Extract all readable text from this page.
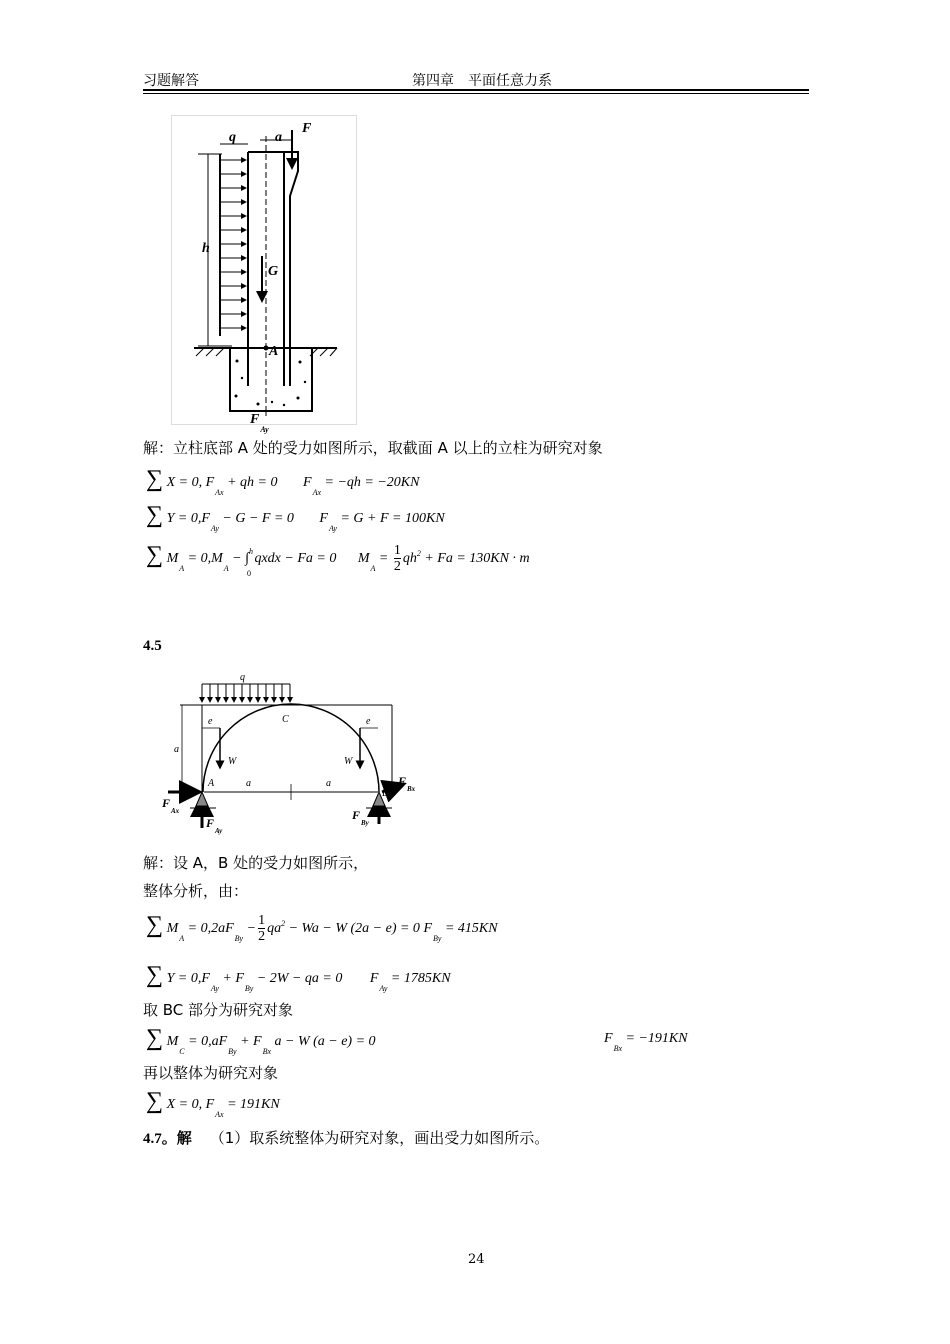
习题解答	第四章　平面任意力系
q	a
F
h
G
A
$F_{Ay}$
解：立柱底部 A 处的受力如图所示，取截面 A 以上的立柱为研究对象
∑ X = 0, $F_{Ax}$ + qh = 0 $F_{Ax} = -qh = -20KN$
∑ $Y = 0,F_{Ay} - G - F = 0$ $F_{Ay} = G + F = 100KN$
∑ $M_A = 0,M_A - \int^h_0$ qxdx − Fa = 0 $M_A = \frac{1}{2} qh^2 + Fa = 130KN \cdot m$
4.5
q
C
e	e
a
W	W
A
B
a	a
$F_{Ax}$
$F_{Ay}$
$F_{Bx}$
$F_{By}$
解：设 A，B 处的受力如图所示，
整体分析，由：
∑ $M_A = 0,2aF_{By} - \frac{1}{2} qa^2 - Wa - W$ (2a − e) = 0 $F_{By} = 415KN$
∑ $Y = 0,F_{Ay} + F_{By} - 2W$ − qa = 0 $F_{Ay} = 1785KN$
取 BC 部分为研究对象
∑ $M_C = 0,aF_{By} + F_{Bx}$ a − W (a − e) = 0	$F_{Bx} = -191KN$
再以整体为研究对象
∑ X = 0, $F_{Ax} = 191KN$
4.7。解 （1）取系统整体为研究对象，画出受力如图所示。
24
